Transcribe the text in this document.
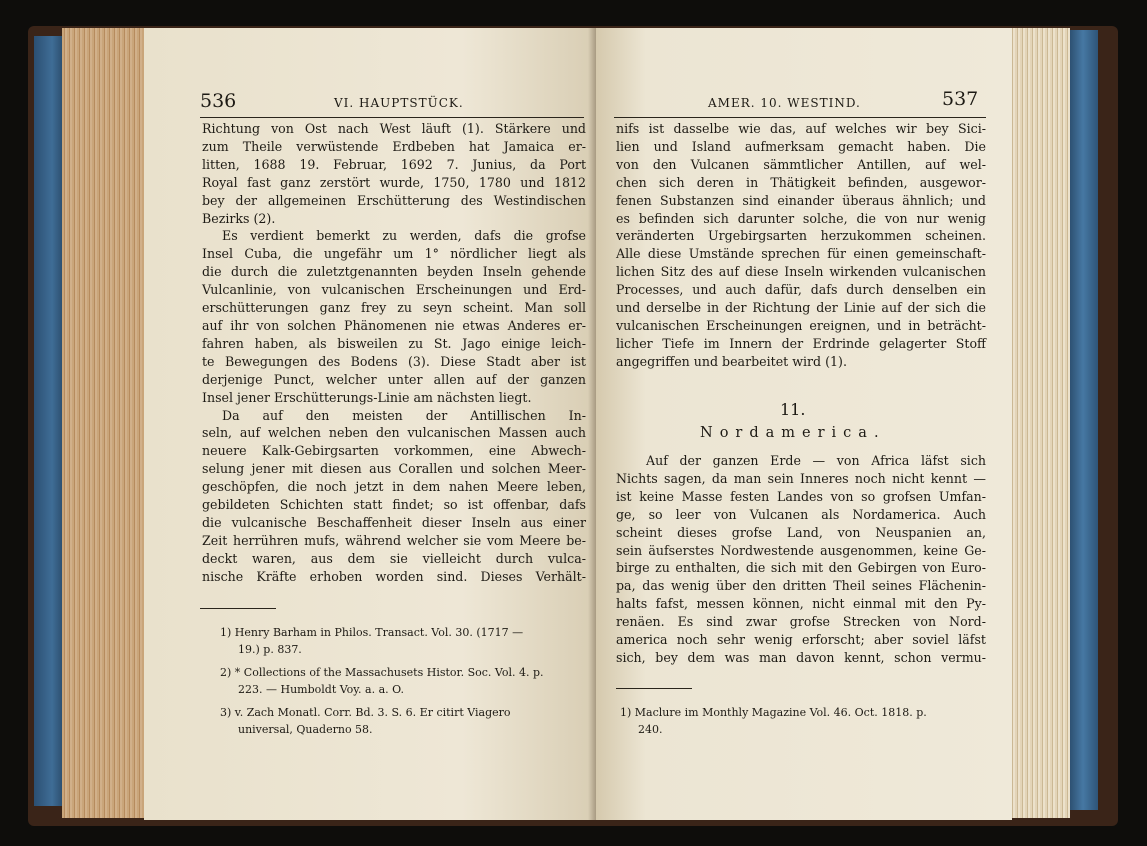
536	VI. HAUPTSTÜCK.
Richtung von Ost nach West läuft (1). Stärkere und
zum Theile verwüstende Erdbeben hat Jamaica er-
litten, 1688 19. Februar, 1692 7. Junius, da Port
Royal fast ganz zerstört wurde, 1750, 1780 und 1812
bey der allgemeinen Erschütterung des Westindischen
Bezirks (2).
Es verdient bemerkt zu werden, dafs die grofse
Insel Cuba, die ungefähr um 1° nördlicher liegt als
die durch die zuletztgenannten beyden Inseln gehende
Vulcanlinie, von vulcanischen Erscheinungen und Erd-
erschütterungen ganz frey zu seyn scheint. Man soll
auf ihr von solchen Phänomenen nie etwas Anderes er-
fahren haben, als bisweilen zu St. Jago einige leich-
te Bewegungen des Bodens (3). Diese Stadt aber ist
derjenige Punct, welcher unter allen auf der ganzen
Insel jener Erschütterungs-Linie am nächsten liegt.
Da auf den meisten der Antillischen In-
seln, auf welchen neben den vulcanischen Massen auch
neuere Kalk-Gebirgsarten vorkommen, eine Abwech-
selung jener mit diesen aus Corallen und solchen Meer-
geschöpfen, die noch jetzt in dem nahen Meere leben,
gebildeten Schichten statt findet; so ist offenbar, dafs
die vulcanische Beschaffenheit dieser Inseln aus einer
Zeit herrühren mufs, während welcher sie vom Meere be-
deckt waren, aus dem sie vielleicht durch vulca-
nische Kräfte erhoben worden sind. Dieses Verhält-
1) Henry Barham in Philos. Transact. Vol. 30. (1717 —
19.) p. 837.
2) * Collections of the Massachusets Histor. Soc. Vol. 4. p.
223. — Humboldt Voy. a. a. O.
3) v. Zach Monatl. Corr. Bd. 3. S. 6. Er citirt Viagero
universal, Quaderno 58.
AMER. 10. WESTIND.	537
nifs ist dasselbe wie das, auf welches wir bey Sici-
lien und Island aufmerksam gemacht haben. Die
von den Vulcanen sämmtlicher Antillen, auf wel-
chen sich deren in Thätigkeit befinden, ausgewor-
fenen Substanzen sind einander überaus ähnlich; und
es befinden sich darunter solche, die von nur wenig
veränderten Urgebirgsarten herzukommen scheinen.
Alle diese Umstände sprechen für einen gemeinschaft-
lichen Sitz des auf diese Inseln wirkenden vulcanischen
Processes, und auch dafür, dafs durch denselben ein
und derselbe in der Richtung der Linie auf der sich die
vulcanischen Erscheinungen ereignen, und in beträcht-
licher Tiefe im Innern der Erdrinde gelagerter Stoff
angegriffen und bearbeitet wird (1).
11.
Nordamerica.
Auf der ganzen Erde — von Africa läfst sich
Nichts sagen, da man sein Inneres noch nicht kennt —
ist keine Masse festen Landes von so grofsen Umfan-
ge, so leer von Vulcanen als Nordamerica. Auch
scheint dieses grofse Land, von Neuspanien an,
sein äufserstes Nordwestende ausgenommen, keine Ge-
birge zu enthalten, die sich mit den Gebirgen von Euro-
pa, das wenig über den dritten Theil seines Flächenin-
halts fafst, messen können, nicht einmal mit den Py-
renäen. Es sind zwar grofse Strecken von Nord-
america noch sehr wenig erforscht; aber soviel läfst
sich, bey dem was man davon kennt, schon vermu-
1) Maclure im Monthly Magazine Vol. 46. Oct. 1818. p.
240.
